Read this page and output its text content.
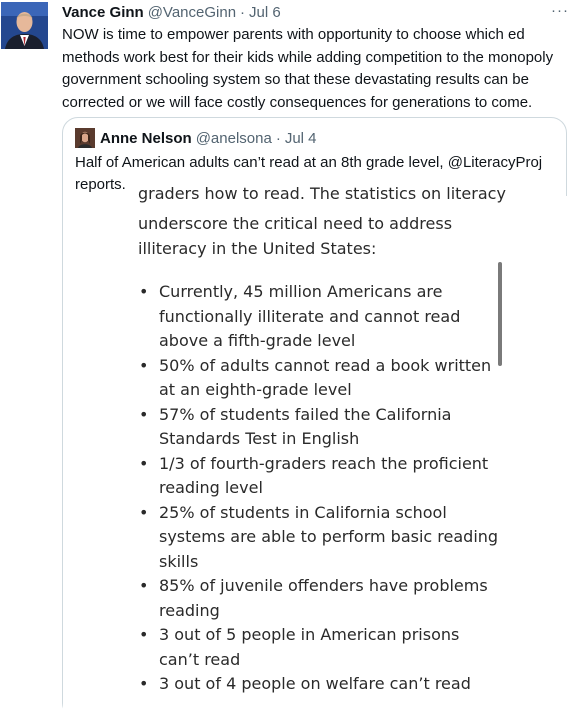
Vance Ginn @VanceGinn · Jul 6	···
NOW is time to empower parents with opportunity to choose which ed methods work best for their kids while adding competition to the monopoly government schooling system so that these devastating results can be corrected or we will face costly consequences for generations to come.
Anne Nelson @anelsona · Jul 4
Half of American adults can’t read at an 8th grade level, @LiteracyProj reports. graders how to read. The statistics on literacy
underscore the critical need to address illiteracy in the United States:
• Currently, 45 million Americans are functionally illiterate and cannot read above a fifth-grade level
• 50% of adults cannot read a book written at an eighth-grade level
• 57% of students failed the California Standards Test in English
• 1/3 of fourth-graders reach the proficient reading level
• 25% of students in California school systems are able to perform basic reading skills
• 85% of juvenile offenders have problems reading
• 3 out of 5 people in American prisons can’t read
• 3 out of 4 people on welfare can’t read
